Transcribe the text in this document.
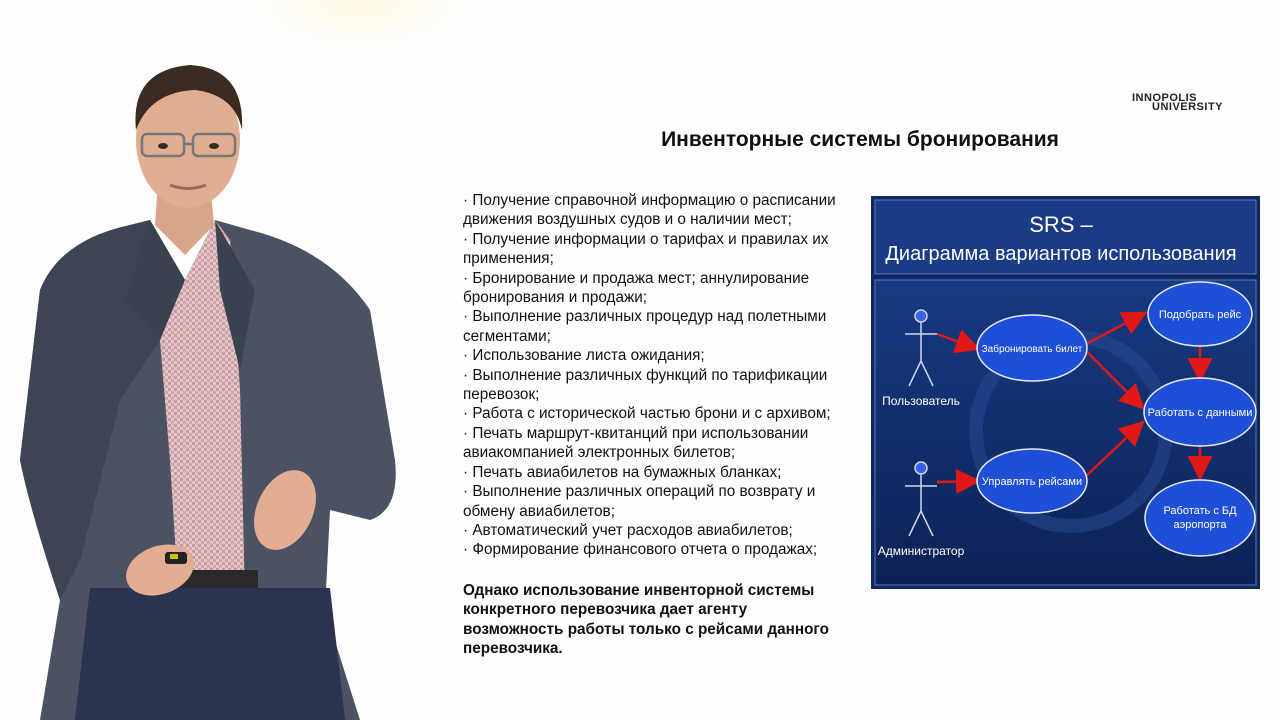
INNOPOLIS
UNIVERSITY
Инвенторные системы бронирования
· Получение справочной информацию о расписании
движения воздушных судов и о наличии мест;
· Получение информации о тарифах и правилах их
применения;
· Бронирование и продажа мест; аннулирование
бронирования и продажи;
· Выполнение различных процедур над полетными
сегментами;
· Использование листа ожидания;
· Выполнение различных функций по тарификации
перевозок;
· Работа с исторической частью брони и с архивом;
· Печать маршрут-квитанций при использовании
авиакомпанией электронных билетов;
· Печать авиабилетов на бумажных бланках;
· Выполнение различных операций по возврату и
обмену авиабилетов;
· Автоматический учет расходов авиабилетов;
· Формирование финансового отчета о продажах;
Однако использование инвенторной системы
конкретного перевозчика дает агенту
возможность работы только с рейсами данного
перевозчика.
SRS –
Диаграмма вариантов использования
Пользователь
Администратор
Забронировать билет
Подобрать рейс
Работать с данными
Управлять рейсами
Работать с БД
аэропорта
